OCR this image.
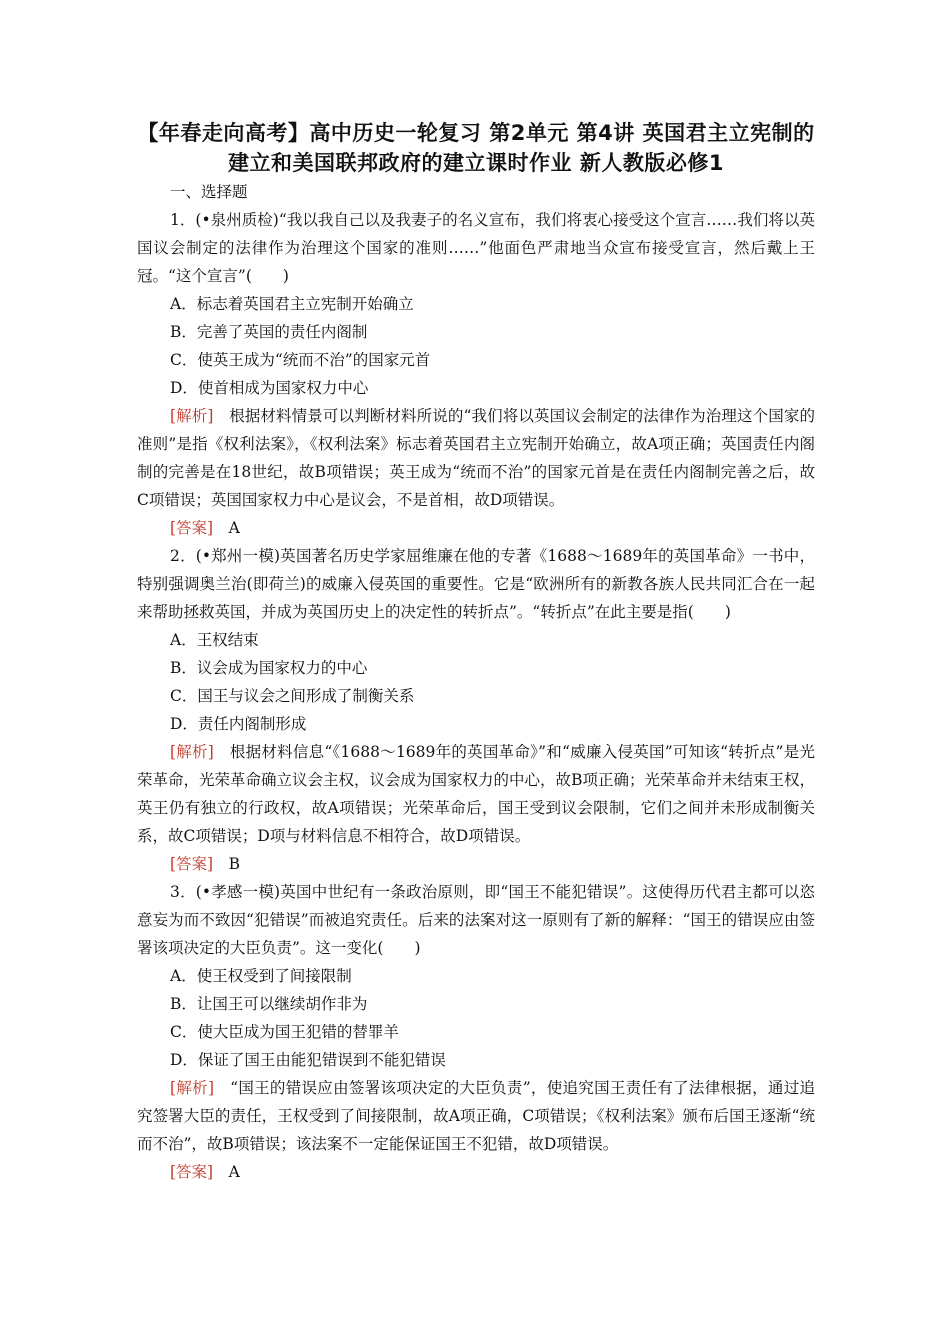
【年春走向高考】高中历史一轮复习 第2单元 第4讲 英国君主立宪制的建立和美国联邦政府的建立课时作业 新人教版必修1

一、选择题

1．(•泉州质检)“我以我自己以及我妻子的名义宣布，我们将衷心接受这个宣言……我们将以英国议会制定的法律作为治理这个国家的准则……”他面色严肃地当众宣布接受宣言，然后戴上王冠。“这个宣言”(　　)

A．标志着英国君主立宪制开始确立

B．完善了英国的责任内阁制

C．使英王成为“统而不治”的国家元首

D．使首相成为国家权力中心

[解析]　根据材料情景可以判断材料所说的“我们将以英国议会制定的法律作为治理这个国家的准则”是指《权利法案》，《权利法案》标志着英国君主立宪制开始确立，故A项正确；英国责任内阁制的完善是在18世纪，故B项错误；英王成为“统而不治”的国家元首是在责任内阁制完善之后，故C项错误；英国国家权力中心是议会，不是首相，故D项错误。

[答案]　A

2．(•郑州一模)英国著名历史学家屈维廉在他的专著《1688～1689年的英国革命》一书中，特别强调奥兰治(即荷兰)的威廉入侵英国的重要性。它是“欧洲所有的新教各族人民共同汇合在一起来帮助拯救英国，并成为英国历史上的决定性的转折点”。“转折点”在此主要是指(　　)

A．王权结束

B．议会成为国家权力的中心

C．国王与议会之间形成了制衡关系

D．责任内阁制形成

[解析]　根据材料信息“《1688～1689年的英国革命》”和“威廉入侵英国”可知该“转折点”是光荣革命，光荣革命确立议会主权，议会成为国家权力的中心，故B项正确；光荣革命并未结束王权，英王仍有独立的行政权，故A项错误；光荣革命后，国王受到议会限制，它们之间并未形成制衡关系，故C项错误；D项与材料信息不相符合，故D项错误。

[答案]　B

3．(•孝感一模)英国中世纪有一条政治原则，即“国王不能犯错误”。这使得历代君主都可以恣意妄为而不致因“犯错误”而被追究责任。后来的法案对这一原则有了新的解释：“国王的错误应由签署该项决定的大臣负责”。这一变化(　　)

A．使王权受到了间接限制

B．让国王可以继续胡作非为

C．使大臣成为国王犯错的替罪羊

D．保证了国王由能犯错误到不能犯错误

[解析]　“国王的错误应由签署该项决定的大臣负责”，使追究国王责任有了法律根据，通过追究签署大臣的责任，王权受到了间接限制，故A项正确，C项错误；《权利法案》颁布后国王逐渐“统而不治”，故B项错误；该法案不一定能保证国王不犯错，故D项错误。

[答案]　A
